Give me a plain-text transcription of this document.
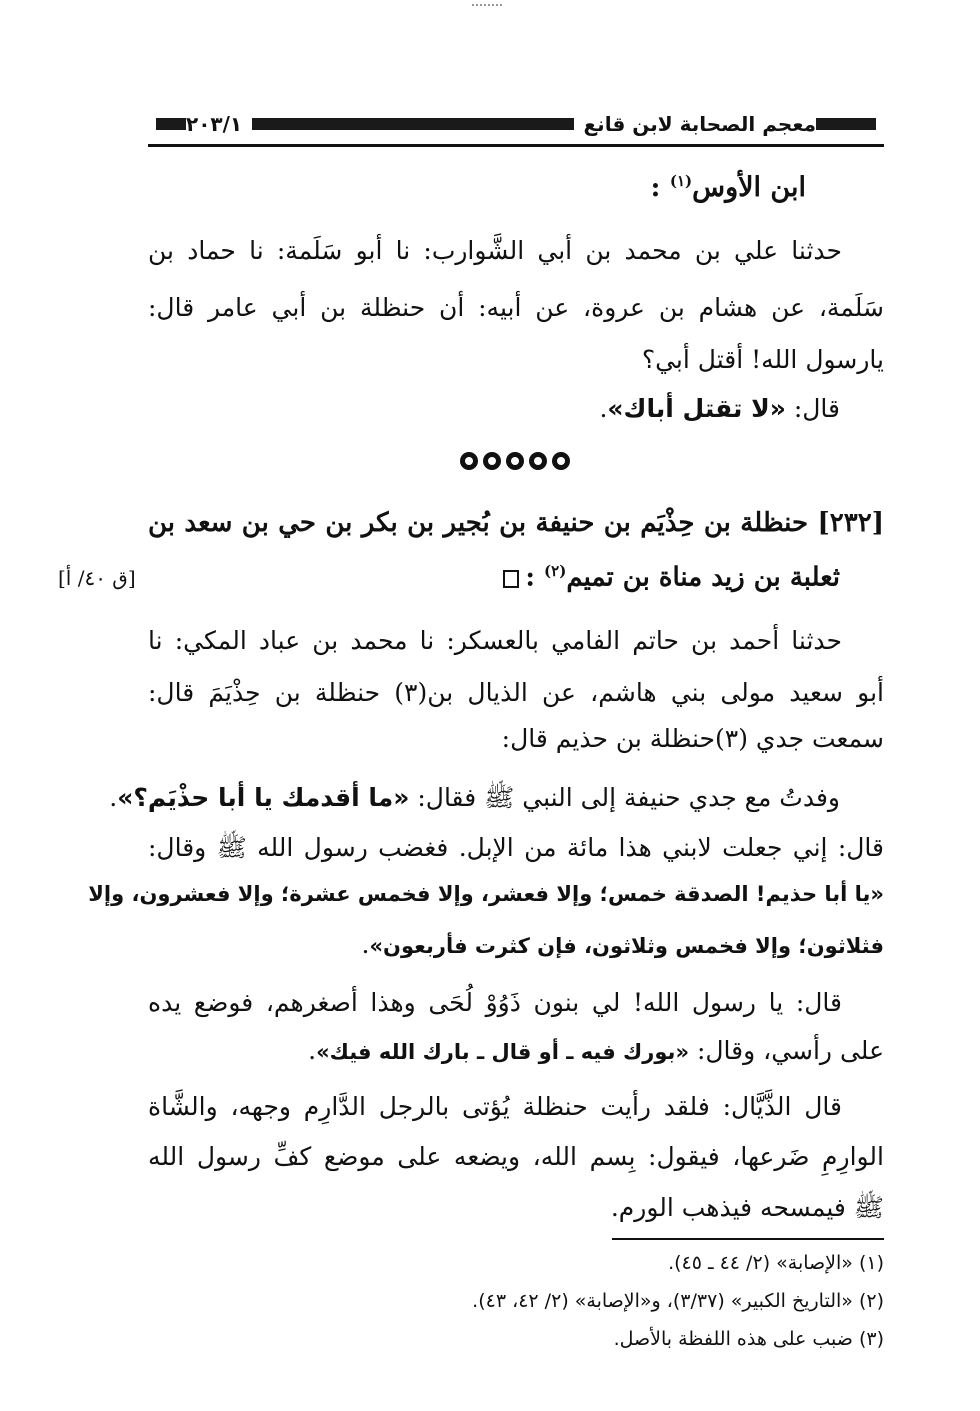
معجم الصحابة لابن قانع
٢٠٣/١
ابن الأوس$^{(١)}$ :
حدثنا علي بن محمد بن أبي الشَّوارب: نا أبو سَلَمة: نا حماد بن
سَلَمة، عن هشام بن عروة، عن أبيه: أن حنظلة بن أبي عامر قال:
يارسول الله! أقتل أبي؟
قال: «لا تقتل أباك».
[٢٣٢] حنظلة بن حِذْيَم بن حنيفة بن بُجير بن بكر بن حي بن سعد بن
ثعلبة بن زيد مناة بن تميم$^{(٢)}$ :
[ق ٤٠/ أ]
حدثنا أحمد بن حاتم الفامي بالعسكر: نا محمد بن عباد المكي: نا
أبو سعيد مولى بني هاشم، عن الذيال بن(٣) حنظلة بن حِذْيَمَ قال:
سمعت جدي (٣)حنظلة بن حذيم قال:
وفدتُ مع جدي حنيفة إلى النبي ﷺ فقال: «ما أقدمك يا أبا حذْيَم؟».
قال: إني جعلت لابني هذا مائة من الإبل. فغضب رسول الله ﷺ وقال:
«يا أبا حذيم! الصدقة خمس؛ وإلا فعشر، وإلا فخمس عشرة؛ وإلا فعشرون، وإلا
فثلاثون؛ وإلا فخمس وثلاثون، فإن كثرت فأربعون».
قال: يا رسول الله! لي بنون ذَوُوْ لُحَى وهذا أصغرهم، فوضع يده
على رأسي، وقال: «بورك فيه ـ أو قال ـ بارك الله فيك».
قال الذَّيَّال: فلقد رأيت حنظلة يُؤتى بالرجل الدَّارِم وجهه، والشَّاة
الوارِمِ ضَرعها، فيقول: بِسم الله، ويضعه على موضع كفِّ رسول الله
ﷺ فيمسحه فيذهب الورم.
(١) «الإصابة» (٢/ ٤٤ ـ ٤٥).
(٢) «التاريخ الكبير» (٣/٣٧)، و«الإصابة» (٢/ ٤٢، ٤٣).
(٣) ضبب على هذه اللفظة بالأصل.
